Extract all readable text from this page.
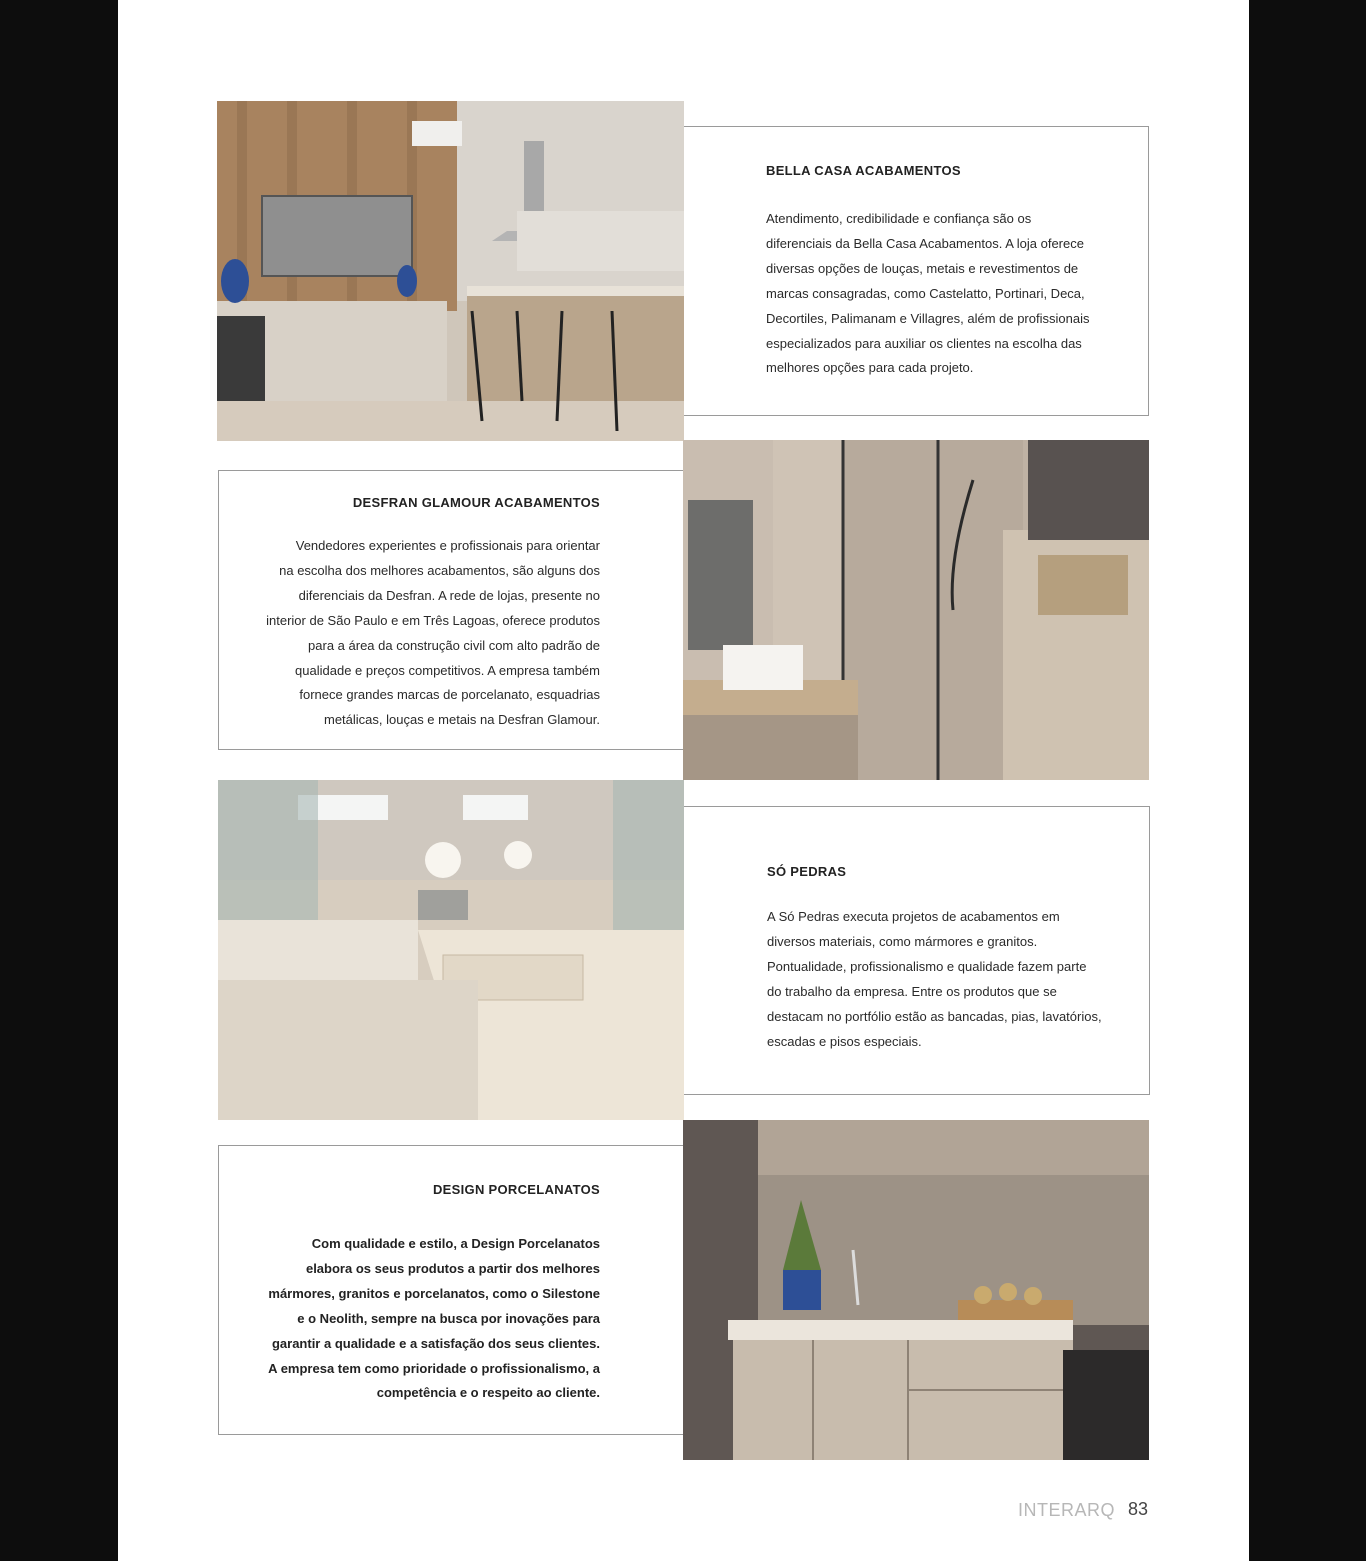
BELLA CASA ACABAMENTOS
Atendimento, credibilidade e confiança são os
diferenciais da Bella Casa Acabamentos. A loja oferece
diversas opções de louças, metais e revestimentos de
marcas consagradas, como Castelatto, Portinari, Deca,
Decortiles, Palimanam e Villagres, além de profissionais
especializados para auxiliar os clientes na escolha das
melhores opções para cada projeto.
DESFRAN GLAMOUR ACABAMENTOS
Vendedores experientes e profissionais para orientar
na escolha dos melhores acabamentos, são alguns dos
diferenciais da Desfran. A rede de lojas, presente no
interior de São Paulo e em Três Lagoas, oferece produtos
para a área da construção civil com alto padrão de
qualidade e preços competitivos. A empresa também
fornece grandes marcas de porcelanato, esquadrias
metálicas, louças e metais na Desfran Glamour.
SÓ PEDRAS
A Só Pedras executa projetos de acabamentos em
diversos materiais, como mármores e granitos.
Pontualidade, profissionalismo e qualidade fazem parte
do trabalho da empresa. Entre os produtos que se
destacam no portfólio estão as bancadas, pias, lavatórios,
escadas e pisos especiais.
DESIGN PORCELANATOS
Com qualidade e estilo, a Design Porcelanatos
elabora os seus produtos a partir dos melhores
mármores, granitos e porcelanatos, como o Silestone
e o Neolith, sempre na busca por inovações para
garantir a qualidade e a satisfação dos seus clientes.
A empresa tem como prioridade o profissionalismo, a
competência e o respeito ao cliente.
INTERARQ 83
